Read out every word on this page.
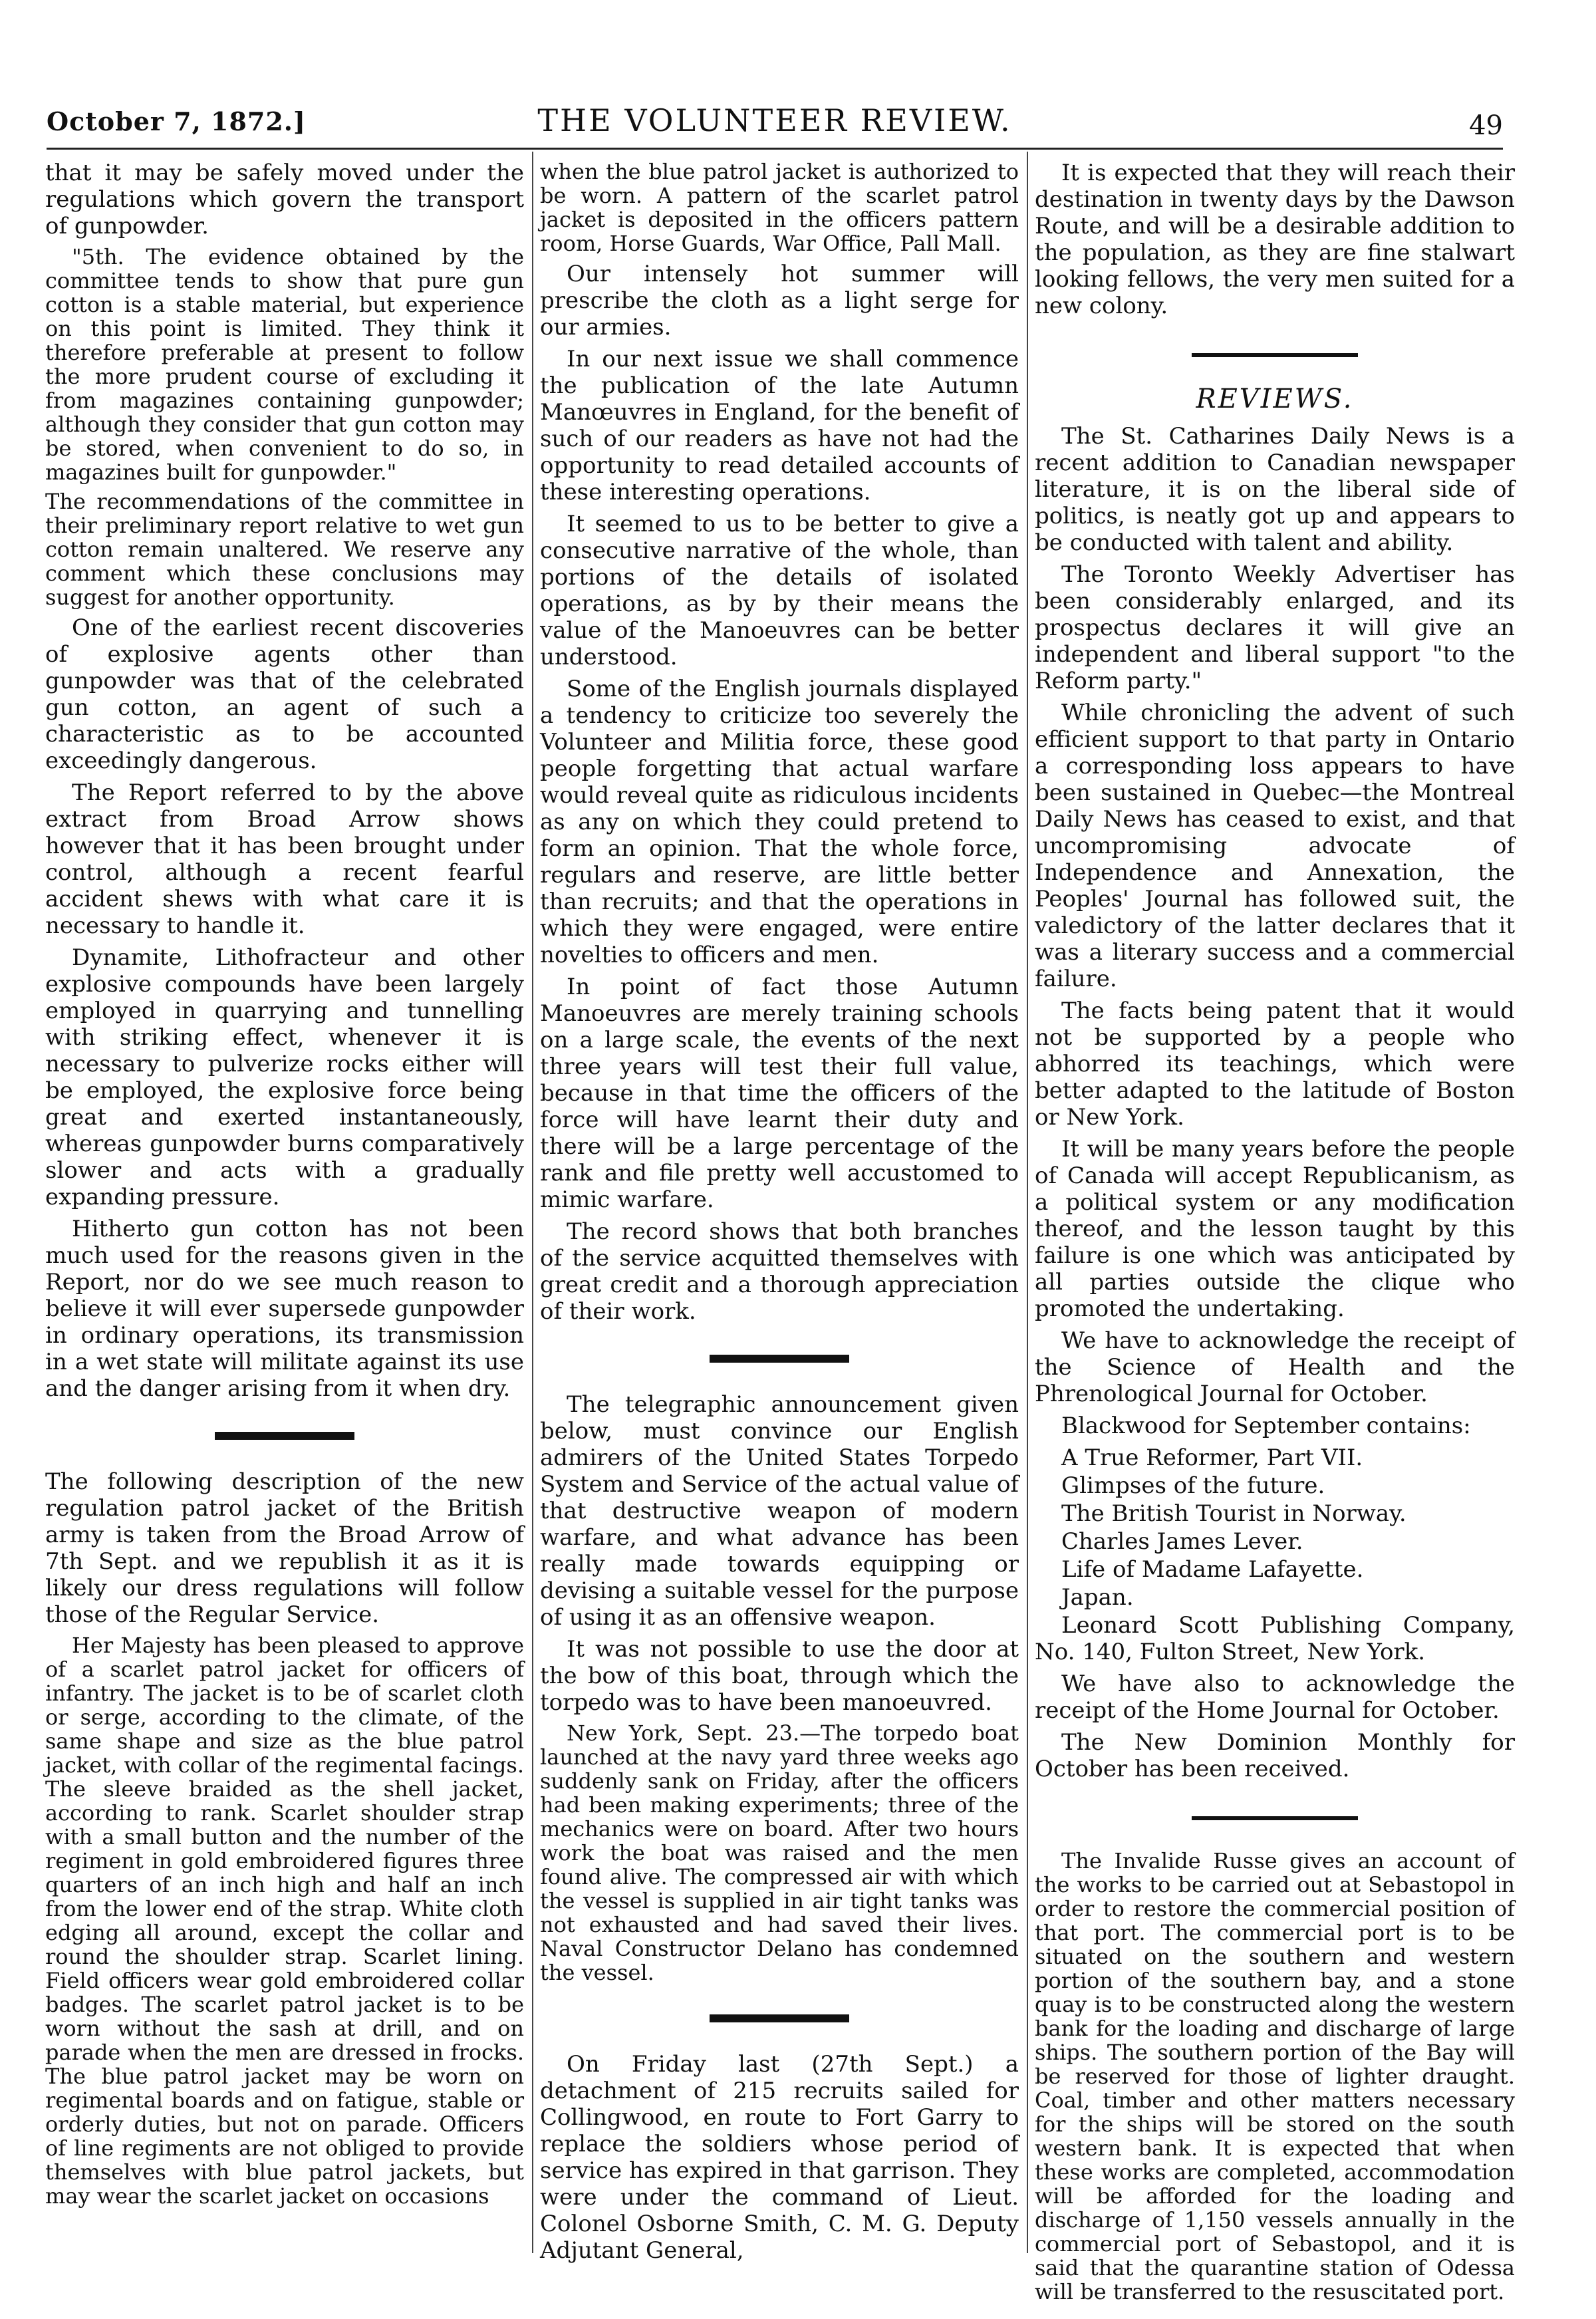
October 7, 1872.]	THE VOLUNTEER REVIEW.	49

that it may be safely moved under the regulations which govern the transport of gunpowder.

"5th. The evidence obtained by the committee tends to show that pure gun cotton is a stable material, but experience on this point is limited. They think it therefore preferable at present to follow the more prudent course of excluding it from magazines containing gunpowder; although they consider that gun cotton may be stored, when convenient to do so, in magazines built for gunpowder."

The recommendations of the committee in their preliminary report relative to wet gun cotton remain unaltered. We reserve any comment which these conclusions may suggest for another opportunity.

One of the earliest recent discoveries of explosive agents other than gunpowder was that of the celebrated gun cotton, an agent of such a characteristic as to be accounted exceedingly dangerous.

The Report referred to by the above extract from Broad Arrow shows however that it has been brought under control, although a recent fearful accident shews with what care it is necessary to handle it.

Dynamite, Lithofracteur and other explosive compounds have been largely employed in quarrying and tunnelling with striking effect, whenever it is necessary to pulverize rocks either will be employed, the explosive force being great and exerted instantaneously, whereas gunpowder burns comparatively slower and acts with a gradually expanding pressure.

Hitherto gun cotton has not been much used for the reasons given in the Report, nor do we see much reason to believe it will ever supersede gunpowder in ordinary operations, its transmission in a wet state will militate against its use and the danger arising from it when dry.

The following description of the new regulation patrol jacket of the British army is taken from the Broad Arrow of 7th Sept. and we republish it as it is likely our dress regulations will follow those of the Regular Service.

Her Majesty has been pleased to approve of a scarlet patrol jacket for officers of infantry. The jacket is to be of scarlet cloth or serge, according to the climate, of the same shape and size as the blue patrol jacket, with collar of the regimental facings. The sleeve braided as the shell jacket, according to rank. Scarlet shoulder strap with a small button and the number of the regiment in gold embroidered figures three quarters of an inch high and half an inch from the lower end of the strap. White cloth edging all around, except the collar and round the shoulder strap. Scarlet lining. Field officers wear gold embroidered collar badges. The scarlet patrol jacket is to be worn without the sash at drill, and on parade when the men are dressed in frocks. The blue patrol jacket may be worn on regimental boards and on fatigue, stable or orderly duties, but not on parade. Officers of line regiments are not obliged to provide themselves with blue patrol jackets, but may wear the scarlet jacket on occasions

when the blue patrol jacket is authorized to be worn. A pattern of the scarlet patrol jacket is deposited in the officers pattern room, Horse Guards, War Office, Pall Mall.

Our intensely hot summer will prescribe the cloth as a light serge for our armies.

In our next issue we shall commence the publication of the late Autumn Manœuvres in England, for the benefit of such of our readers as have not had the opportunity to read detailed accounts of these interesting operations.

It seemed to us to be better to give a consecutive narrative of the whole, than portions of the details of isolated operations, as by by their means the value of the Manoeuvres can be better understood.

Some of the English journals displayed a tendency to criticize too severely the Volunteer and Militia force, these good people forgetting that actual warfare would reveal quite as ridiculous incidents as any on which they could pretend to form an opinion. That the whole force, regulars and reserve, are little better than recruits; and that the operations in which they were engaged, were entire novelties to officers and men.

In point of fact those Autumn Manoeuvres are merely training schools on a large scale, the events of the next three years will test their full value, because in that time the officers of the force will have learnt their duty and there will be a large percentage of the rank and file pretty well accustomed to mimic warfare.

The record shows that both branches of the service acquitted themselves with great credit and a thorough appreciation of their work.

The telegraphic announcement given below, must convince our English admirers of the United States Torpedo System and Service of the actual value of that destructive weapon of modern warfare, and what advance has been really made towards equipping or devising a suitable vessel for the purpose of using it as an offensive weapon.

It was not possible to use the door at the bow of this boat, through which the torpedo was to have been manoeuvred.

New York, Sept. 23.—The torpedo boat launched at the navy yard three weeks ago suddenly sank on Friday, after the officers had been making experiments; three of the mechanics were on board. After two hours work the boat was raised and the men found alive. The compressed air with which the vessel is supplied in air tight tanks was not exhausted and had saved their lives. Naval Constructor Delano has condemned the vessel.

On Friday last (27th Sept.) a detachment of 215 recruits sailed for Collingwood, en route to Fort Garry to replace the soldiers whose period of service has expired in that garrison. They were under the command of Lieut. Colonel Osborne Smith, C. M. G. Deputy Adjutant General,

It is expected that they will reach their destination in twenty days by the Dawson Route, and will be a desirable addition to the population, as they are fine stalwart looking fellows, the very men suited for a new colony.

REVIEWS.

The St. Catharines Daily News is a recent addition to Canadian newspaper literature, it is on the liberal side of politics, is neatly got up and appears to be conducted with talent and ability.

The Toronto Weekly Advertiser has been considerably enlarged, and its prospectus declares it will give an independent and liberal support "to the Reform party."

While chronicling the advent of such efficient support to that party in Ontario a corresponding loss appears to have been sustained in Quebec—the Montreal Daily News has ceased to exist, and that uncompromising advocate of Independence and Annexation, the Peoples' Journal has followed suit, the valedictory of the latter declares that it was a literary success and a commercial failure.

The facts being patent that it would not be supported by a people who abhorred its teachings, which were better adapted to the latitude of Boston or New York.

It will be many years before the people of Canada will accept Republicanism, as a political system or any modification thereof, and the lesson taught by this failure is one which was anticipated by all parties outside the clique who promoted the undertaking.

We have to acknowledge the receipt of the Science of Health and the Phrenological Journal for October.

Blackwood for September contains:

A True Reformer, Part VII.

Glimpses of the future.

The British Tourist in Norway.

Charles James Lever.

Life of Madame Lafayette.

Japan.

Leonard Scott Publishing Company, No. 140, Fulton Street, New York.

We have also to acknowledge the receipt of the Home Journal for October.

The New Dominion Monthly for October has been received.

The Invalide Russe gives an account of the works to be carried out at Sebastopol in order to restore the commercial position of that port. The commercial port is to be situated on the southern and western portion of the southern bay, and a stone quay is to be constructed along the western bank for the loading and discharge of large ships. The southern portion of the Bay will be reserved for those of lighter draught. Coal, timber and other matters necessary for the ships will be stored on the south western bank. It is expected that when these works are completed, accommodation will be afforded for the loading and discharge of 1,150 vessels annually in the commercial port of Sebastopol, and it is said that the quarantine station of Odessa will be transferred to the resuscitated port.
